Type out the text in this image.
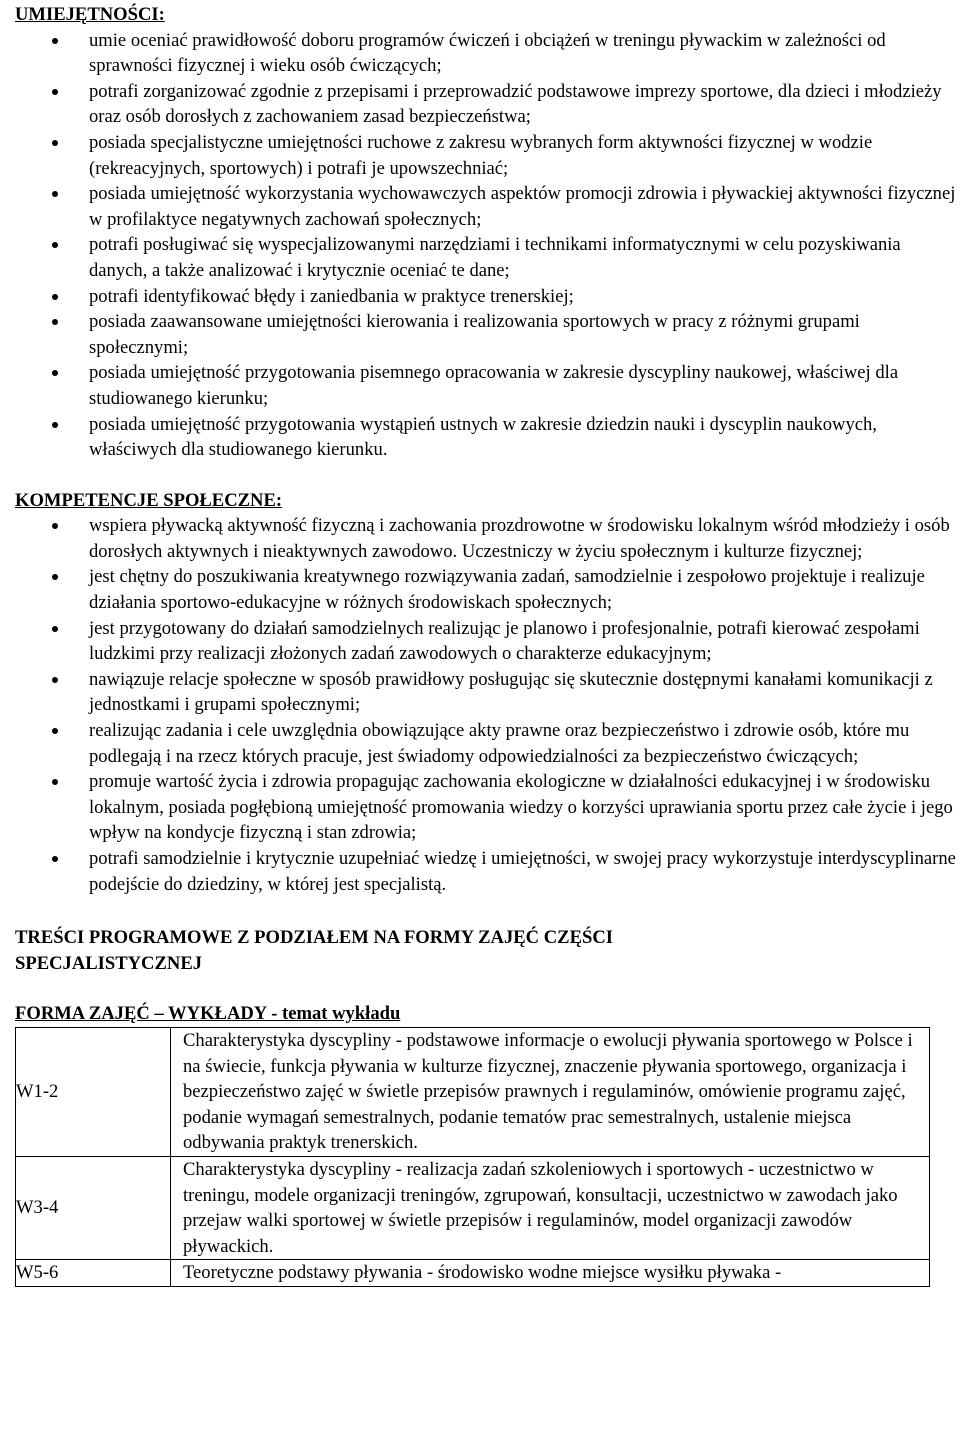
UMIEJĘTNOŚCI:
umie oceniać prawidłowość doboru programów ćwiczeń i obciążeń w treningu pływackim w zależności od sprawności fizycznej i wieku osób ćwiczących;
potrafi zorganizować zgodnie z przepisami i przeprowadzić podstawowe imprezy sportowe, dla dzieci i młodzieży oraz osób dorosłych z zachowaniem zasad bezpieczeństwa;
posiada specjalistyczne umiejętności ruchowe z zakresu wybranych form aktywności fizycznej w wodzie (rekreacyjnych, sportowych) i potrafi je upowszechniać;
posiada umiejętność wykorzystania wychowawczych aspektów promocji zdrowia i pływackiej aktywności fizycznej w profilaktyce negatywnych zachowań społecznych;
potrafi posługiwać się wyspecjalizowanymi narzędziami i technikami informatycznymi w celu pozyskiwania danych, a także analizować i krytycznie oceniać te dane;
potrafi identyfikować błędy i zaniedbania w praktyce trenerskiej;
posiada zaawansowane umiejętności kierowania i realizowania sportowych w pracy z różnymi grupami społecznymi;
posiada umiejętność przygotowania pisemnego opracowania w zakresie dyscypliny naukowej, właściwej dla studiowanego kierunku;
posiada umiejętność przygotowania wystąpień ustnych w zakresie dziedzin nauki i dyscyplin naukowych, właściwych dla studiowanego kierunku.
KOMPETENCJE SPOŁECZNE:
wspiera pływacką aktywność fizyczną i zachowania prozdrowotne w środowisku lokalnym wśród młodzieży i osób dorosłych aktywnych i nieaktywnych zawodowo. Uczestniczy w życiu społecznym i kulturze fizycznej;
jest chętny do poszukiwania kreatywnego rozwiązywania zadań, samodzielnie i zespołowo projektuje i realizuje działania sportowo-edukacyjne w różnych środowiskach społecznych;
jest przygotowany do działań samodzielnych realizując je planowo i profesjonalnie, potrafi kierować zespołami ludzkimi przy realizacji złożonych zadań zawodowych o charakterze edukacyjnym;
nawiązuje relacje społeczne w sposób prawidłowy posługując się skutecznie dostępnymi kanałami komunikacji z jednostkami i grupami społecznymi;
realizując zadania i cele uwzględnia obowiązujące akty prawne oraz bezpieczeństwo i zdrowie osób, które mu podlegają i na rzecz których pracuje, jest świadomy odpowiedzialności za bezpieczeństwo ćwiczących;
promuje wartość życia i zdrowia propagując zachowania ekologiczne w działalności edukacyjnej i w środowisku lokalnym, posiada pogłębioną umiejętność promowania wiedzy o korzyści uprawiania sportu przez całe życie i jego wpływ na kondycje fizyczną i stan zdrowia;
potrafi samodzielnie i krytycznie uzupełniać wiedzę i umiejętności, w swojej pracy wykorzystuje interdyscyplinarne podejście do dziedziny, w której jest specjalistą.
TREŚCI PROGRAMOWE Z PODZIAŁEM NA FORMY ZAJĘĆ CZĘŚCI SPECJALISTYCZNEJ
FORMA ZAJĘĆ – WYKŁADY - temat wykładu
W1-2	Charakterystyka dyscypliny - podstawowe informacje o ewolucji pływania sportowego w Polsce i na świecie, funkcja pływania w kulturze fizycznej, znaczenie pływania sportowego, organizacja i bezpieczeństwo zajęć w świetle przepisów prawnych i regulaminów, omówienie programu zajęć, podanie wymagań semestralnych, podanie tematów prac semestralnych, ustalenie miejsca odbywania praktyk trenerskich.
W3-4	Charakterystyka dyscypliny - realizacja zadań szkoleniowych i sportowych - uczestnictwo w treningu, modele organizacji treningów, zgrupowań, konsultacji, uczestnictwo w zawodach jako przejaw walki sportowej w świetle przepisów i regulaminów, model organizacji zawodów pływackich.
W5-6	Teoretyczne podstawy pływania - środowisko wodne miejsce wysiłku pływaka -
